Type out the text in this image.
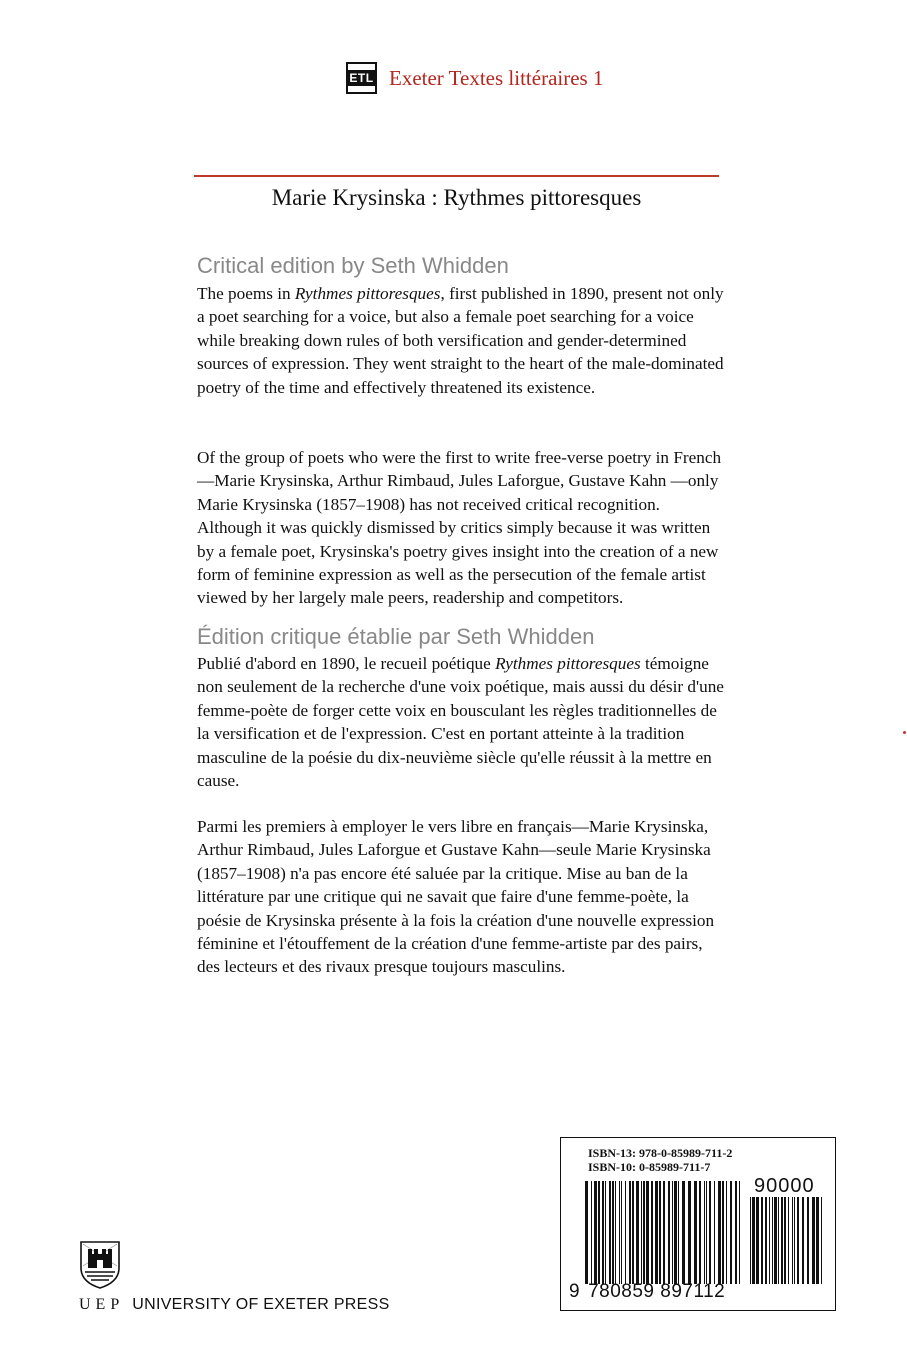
ETL Exeter Textes littéraires 1
Marie Krysinska : Rythmes pittoresques
Critical edition by Seth Whidden

The poems in Rythmes pittoresques, first published in 1890, present not only a poet searching for a voice, but also a female poet searching for a voice while breaking down rules of both versification and gender-determined sources of expression. They went straight to the heart of the male-dominated poetry of the time and effectively threatened its existence.

Of the group of poets who were the first to write free-verse poetry in French—Marie Krysinska, Arthur Rimbaud, Jules Laforgue, Gustave Kahn —only Marie Krysinska (1857–1908) has not received critical recognition. Although it was quickly dismissed by critics simply because it was written by a female poet, Krysinska's poetry gives insight into the creation of a new form of feminine expression as well as the persecution of the female artist viewed by her largely male peers, readership and competitors.

Édition critique établie par Seth Whidden

Publié d'abord en 1890, le recueil poétique Rythmes pittoresques témoigne non seulement de la recherche d'une voix poétique, mais aussi du désir d'une femme-poète de forger cette voix en bousculant les règles traditionnelles de la versification et de l'expression. C'est en portant atteinte à la tradition masculine de la poésie du dix-neuvième siècle qu'elle réussit à la mettre en cause.

Parmi les premiers à employer le vers libre en français—Marie Krysinska, Arthur Rimbaud, Jules Laforgue et Gustave Kahn—seule Marie Krysinska (1857–1908) n'a pas encore été saluée par la critique. Mise au ban de la littérature par une critique qui ne savait que faire d'une femme-poète, la poésie de Krysinska présente à la fois la création d'une nouvelle expression féminine et l'étouffement de la création d'une femme-artiste par des pairs, des lecteurs et des rivaux presque toujours masculins.

ISBN-13: 978-0-85989-711-2
ISBN-10: 0-85989-711-7
90000
9 780859 897112
UEP UNIVERSITY OF EXETER PRESS
